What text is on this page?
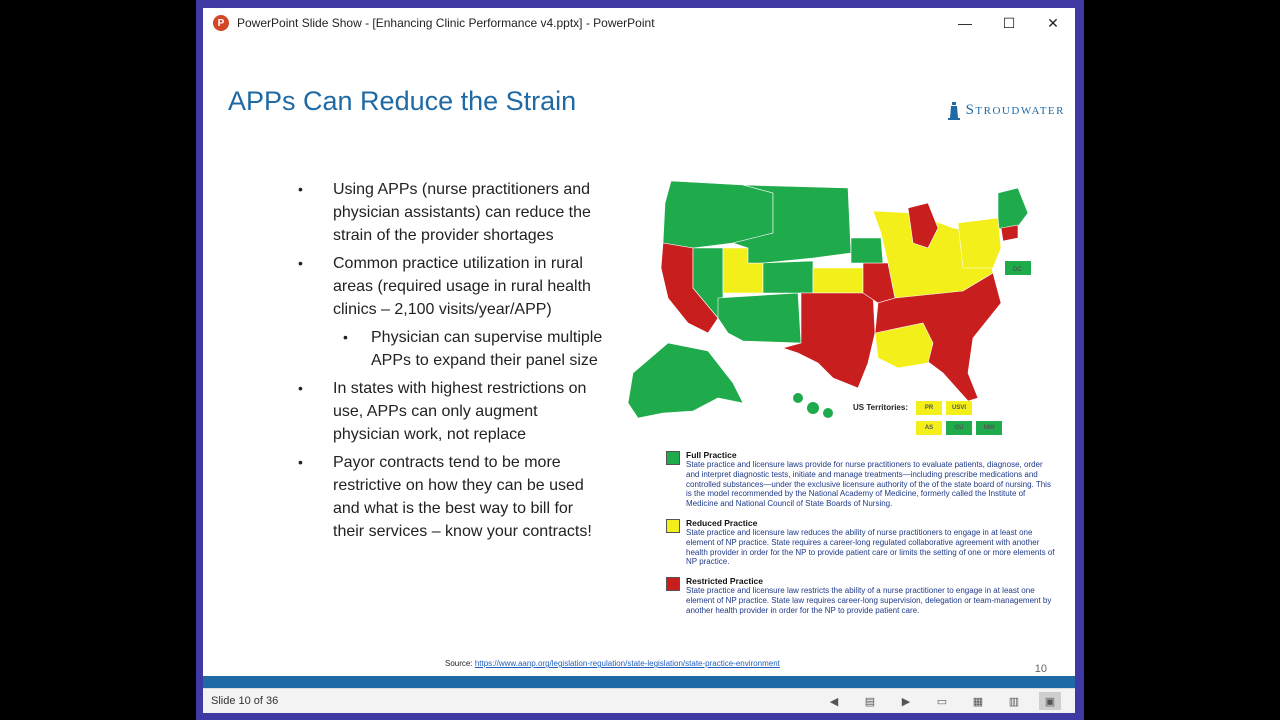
P	PowerPoint Slide Show - [Enhancing Clinic Performance v4.pptx] - PowerPoint	—	☐	✕
APPs Can Reduce the Strain	Stroudwater
• Using APPs (nurse practitioners and physician assistants) can reduce the strain of the provider shortages
• Common practice utilization in rural areas (required usage in rural health clinics – 2,100 visits/year/APP)
• Physician can supervise multiple APPs to expand their panel size
• In states with highest restrictions on use, APPs can only augment physician work, not replace
• Payor contracts tend to be more restrictive on how they can be used and what is the best way to bill for their services – know your contracts!
DC
US Territories:	PR	USVI
AS	GU	NMI
Full Practice
State practice and licensure laws provide for nurse practitioners to evaluate patients, diagnose, order and interpret diagnostic tests, initiate and manage treatments—including prescribe medications and controlled substances—under the exclusive licensure authority of the of the state board of nursing. This is the model recommended by the National Academy of Medicine, formerly called the Institute of Medicine and National Council of State Boards of Nursing.
Reduced Practice
State practice and licensure law reduces the ability of nurse practitioners to engage in at least one element of NP practice. State requires a career-long regulated collaborative agreement with another health provider in order for the NP to provide patient care or limits the setting of one or more elements of NP practice.
Restricted Practice
State practice and licensure law restricts the ability of a nurse practitioner to engage in at least one element of NP practice. State law requires career-long supervision, delegation or team-management by another health provider in order for the NP to provide patient care.
Source: https://www.aanp.org/legislation-regulation/state-legislation/state-practice-environment	10
Slide 10 of 36	◀	▤	▶	▭	▦	▥	▣
